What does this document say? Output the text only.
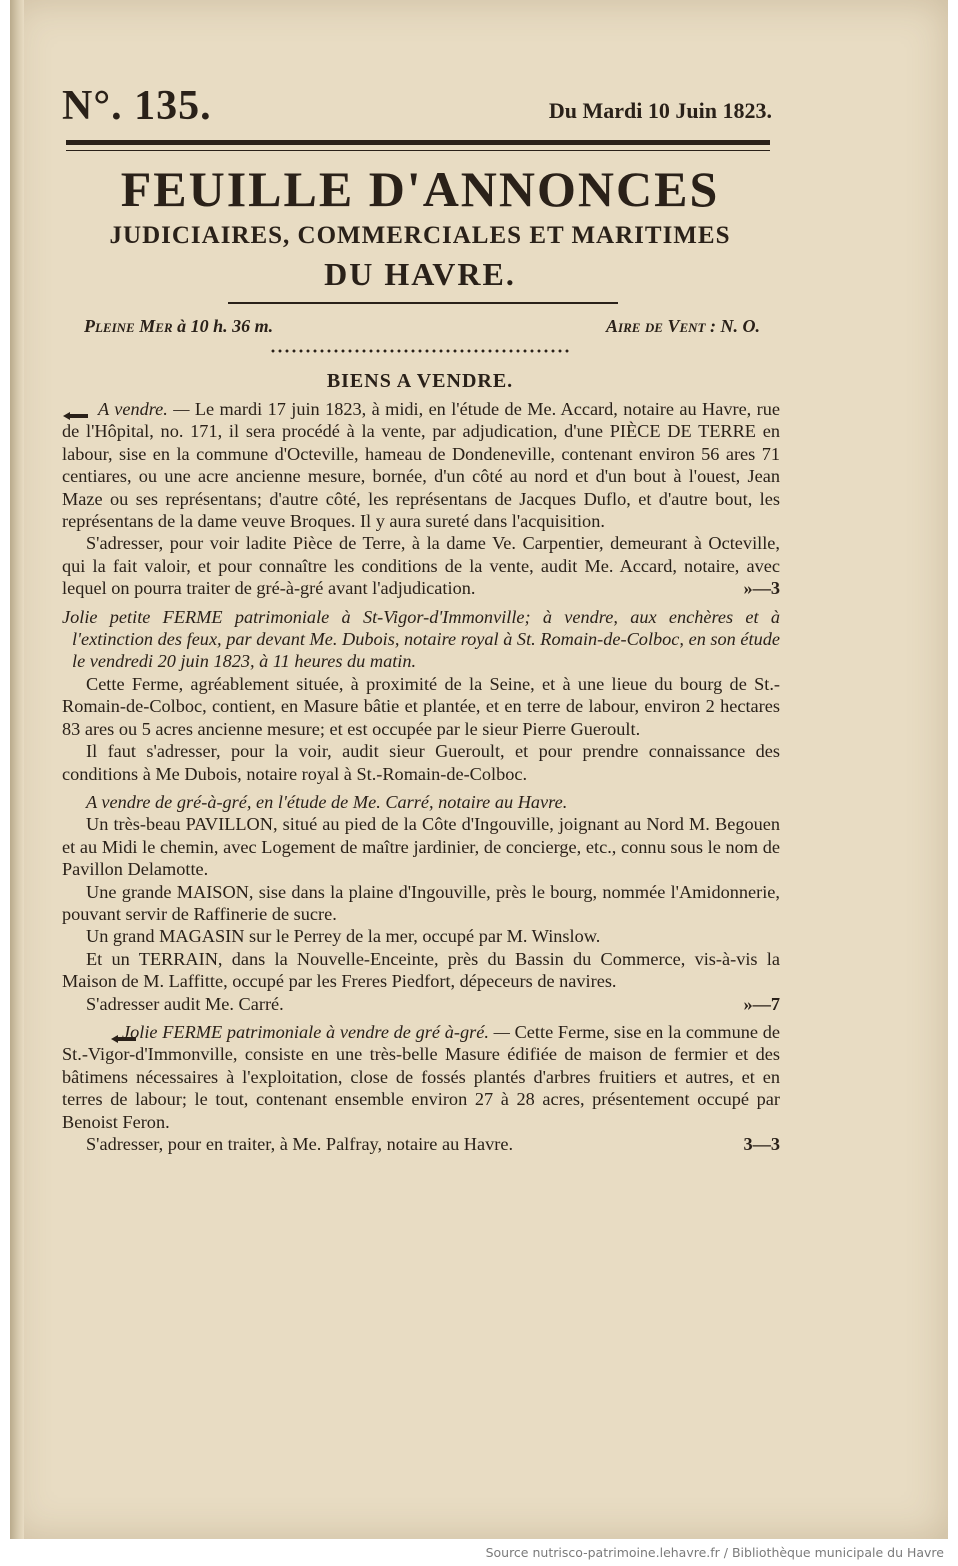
N°. 135.	Du Mardi 10 Juin 1823.
FEUILLE D'ANNONCES
JUDICIAIRES, COMMERCIALES ET MARITIMES
DU HAVRE.
Pleine Mer à 10 h. 36 m.	Aire de Vent : N. O.
BIENS A VENDRE.

A vendre. — Le mardi 17 juin 1823, à midi, en l'étude de Me. Accard, notaire au Havre, rue de l'Hôpital, no. 171, il sera procédé à la vente, par adjudication, d'une PIÈCE DE TERRE en labour, sise en la commune d'Octeville, hameau de Dondeneville, contenant environ 56 ares 71 centiares, ou une acre ancienne mesure, bornée, d'un côté au nord et d'un bout à l'ouest, Jean Maze ou ses représentans; d'autre côté, les représentans de Jacques Duflo, et d'autre bout, les représentans de la dame veuve Broques. Il y aura sureté dans l'acquisition.

S'adresser, pour voir ladite Pièce de Terre, à la dame Ve. Carpentier, demeurant à Octeville, qui la fait valoir, et pour connaître les conditions de la vente, audit Me. Accard, notaire, avec lequel on pourra traiter de gré-à-gré avant l'adjudication.	»—3

Jolie petite FERME patrimoniale à St-Vigor-d'Immonville; à vendre, aux enchères et à l'extinction des feux, par devant Me. Dubois, notaire royal à St. Romain-de-Colboc, en son étude le vendredi 20 juin 1823, à 11 heures du matin.

Cette Ferme, agréablement située, à proximité de la Seine, et à une lieue du bourg de St.-Romain-de-Colboc, contient, en Masure bâtie et plantée, et en terre de labour, environ 2 hectares 83 ares ou 5 acres ancienne mesure; et est occupée par le sieur Pierre Gueroult.

Il faut s'adresser, pour la voir, audit sieur Gueroult, et pour prendre connaissance des conditions à Me Dubois, notaire royal à St.-Romain-de-Colboc.

A vendre de gré-à-gré, en l'étude de Me. Carré, notaire au Havre.

Un très-beau PAVILLON, situé au pied de la Côte d'Ingouville, joignant au Nord M. Begouen et au Midi le chemin, avec Logement de maître jardinier, de concierge, etc., connu sous le nom de Pavillon Delamotte.

Une grande MAISON, sise dans la plaine d'Ingouville, près le bourg, nommée l'Amidonnerie, pouvant servir de Raffinerie de sucre.

Un grand MAGASIN sur le Perrey de la mer, occupé par M. Winslow.

Et un TERRAIN, dans la Nouvelle-Enceinte, près du Bassin du Commerce, vis-à-vis la Maison de M. Laffitte, occupé par les Freres Piedfort, dépeceurs de navires.

S'adresser audit Me. Carré.	»—7

Jolie FERME patrimoniale à vendre de gré à-gré. — Cette Ferme, sise en la commune de St.-Vigor-d'Immonville, consiste en une très-belle Masure édifiée de maison de fermier et des bâtimens nécessaires à l'exploitation, close de fossés plantés d'arbres fruitiers et autres, et en terres de labour; le tout, contenant ensemble environ 27 à 28 acres, présentement occupé par Benoist Feron.

S'adresser, pour en traiter, à Me. Palfray, notaire au Havre.	3—3

Source nutrisco-patrimoine.lehavre.fr / Bibliothèque municipale du Havre
